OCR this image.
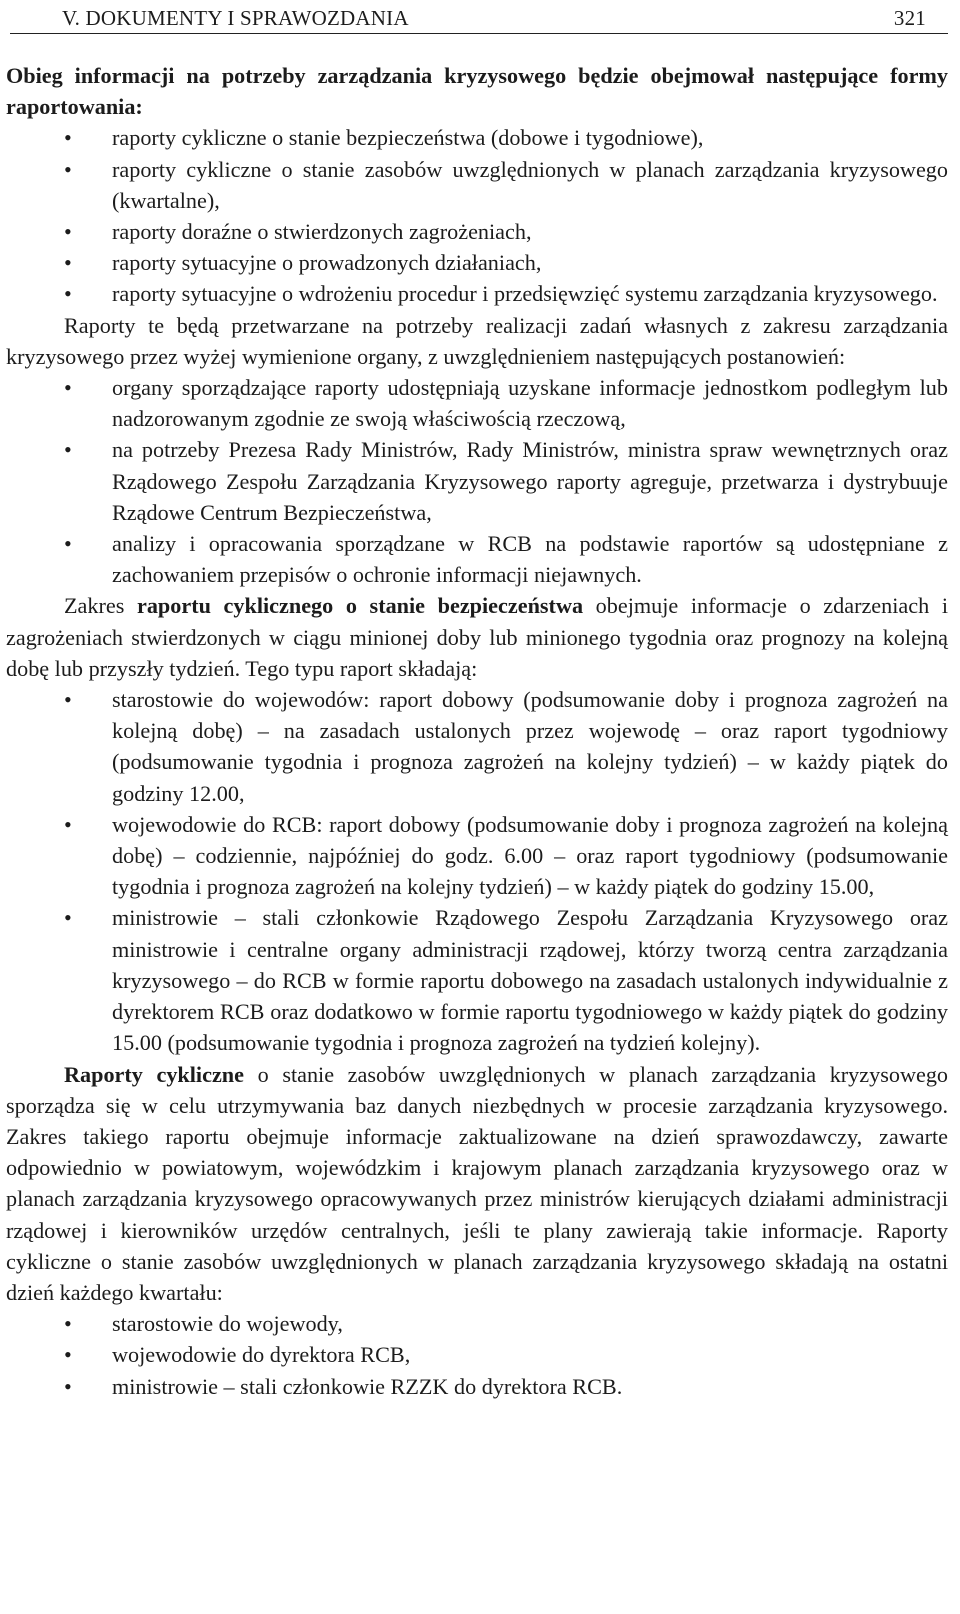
V. DOKUMENTY I SPRAWOZDANIA	321

Obieg informacji na potrzeby zarządzania kryzysowego będzie obejmował następujące formy raportowania:

• raporty cykliczne o stanie bezpieczeństwa (dobowe i tygodniowe),
• raporty cykliczne o stanie zasobów uwzględnionych w planach zarządzania kryzysowego (kwartalne),
• raporty doraźne o stwierdzonych zagrożeniach,
• raporty sytuacyjne o prowadzonych działaniach,
• raporty sytuacyjne o wdrożeniu procedur i przedsięwzięć systemu zarządzania kryzysowego.

Raporty te będą przetwarzane na potrzeby realizacji zadań własnych z zakresu zarządzania kryzysowego przez wyżej wymienione organy, z uwzględnieniem następujących postanowień:

• organy sporządzające raporty udostępniają uzyskane informacje jednostkom podległym lub nadzorowanym zgodnie ze swoją właściwością rzeczową,
• na potrzeby Prezesa Rady Ministrów, Rady Ministrów, ministra spraw wewnętrznych oraz Rządowego Zespołu Zarządzania Kryzysowego raporty agreguje, przetwarza i dystrybuuje Rządowe Centrum Bezpieczeństwa,
• analizy i opracowania sporządzane w RCB na podstawie raportów są udostępniane z zachowaniem przepisów o ochronie informacji niejawnych.

Zakres raportu cyklicznego o stanie bezpieczeństwa obejmuje informacje o zdarzeniach i zagrożeniach stwierdzonych w ciągu minionej doby lub minionego tygodnia oraz prognozy na kolejną dobę lub przyszły tydzień. Tego typu raport składają:

• starostowie do wojewodów: raport dobowy (podsumowanie doby i prognoza zagrożeń na kolejną dobę) – na zasadach ustalonych przez wojewodę – oraz raport tygodniowy (podsumowanie tygodnia i prognoza zagrożeń na kolejny tydzień) – w każdy piątek do godziny 12.00,
• wojewodowie do RCB: raport dobowy (podsumowanie doby i prognoza zagrożeń na kolejną dobę) – codziennie, najpóźniej do godz. 6.00 – oraz raport tygodniowy (podsumowanie tygodnia i prognoza zagrożeń na kolejny tydzień) – w każdy piątek do godziny 15.00,
• ministrowie – stali członkowie Rządowego Zespołu Zarządzania Kryzysowego oraz ministrowie i centralne organy administracji rządowej, którzy tworzą centra zarządzania kryzysowego – do RCB w formie raportu dobowego na zasadach ustalonych indywidualnie z dyrektorem RCB oraz dodatkowo w formie raportu tygodniowego w każdy piątek do godziny 15.00 (podsumowanie tygodnia i prognoza zagrożeń na tydzień kolejny).

Raporty cykliczne o stanie zasobów uwzględnionych w planach zarządzania kryzysowego sporządza się w celu utrzymywania baz danych niezbędnych w procesie zarządzania kryzysowego. Zakres takiego raportu obejmuje informacje zaktualizowane na dzień sprawozdawczy, zawarte odpowiednio w powiatowym, wojewódzkim i krajowym planach zarządzania kryzysowego oraz w planach zarządzania kryzysowego opracowywanych przez ministrów kierujących działami administracji rządowej i kierowników urzędów centralnych, jeśli te plany zawierają takie informacje. Raporty cykliczne o stanie zasobów uwzględnionych w planach zarządzania kryzysowego składają na ostatni dzień każdego kwartału:

• starostowie do wojewody,
• wojewodowie do dyrektora RCB,
• ministrowie – stali członkowie RZZK do dyrektora RCB.
